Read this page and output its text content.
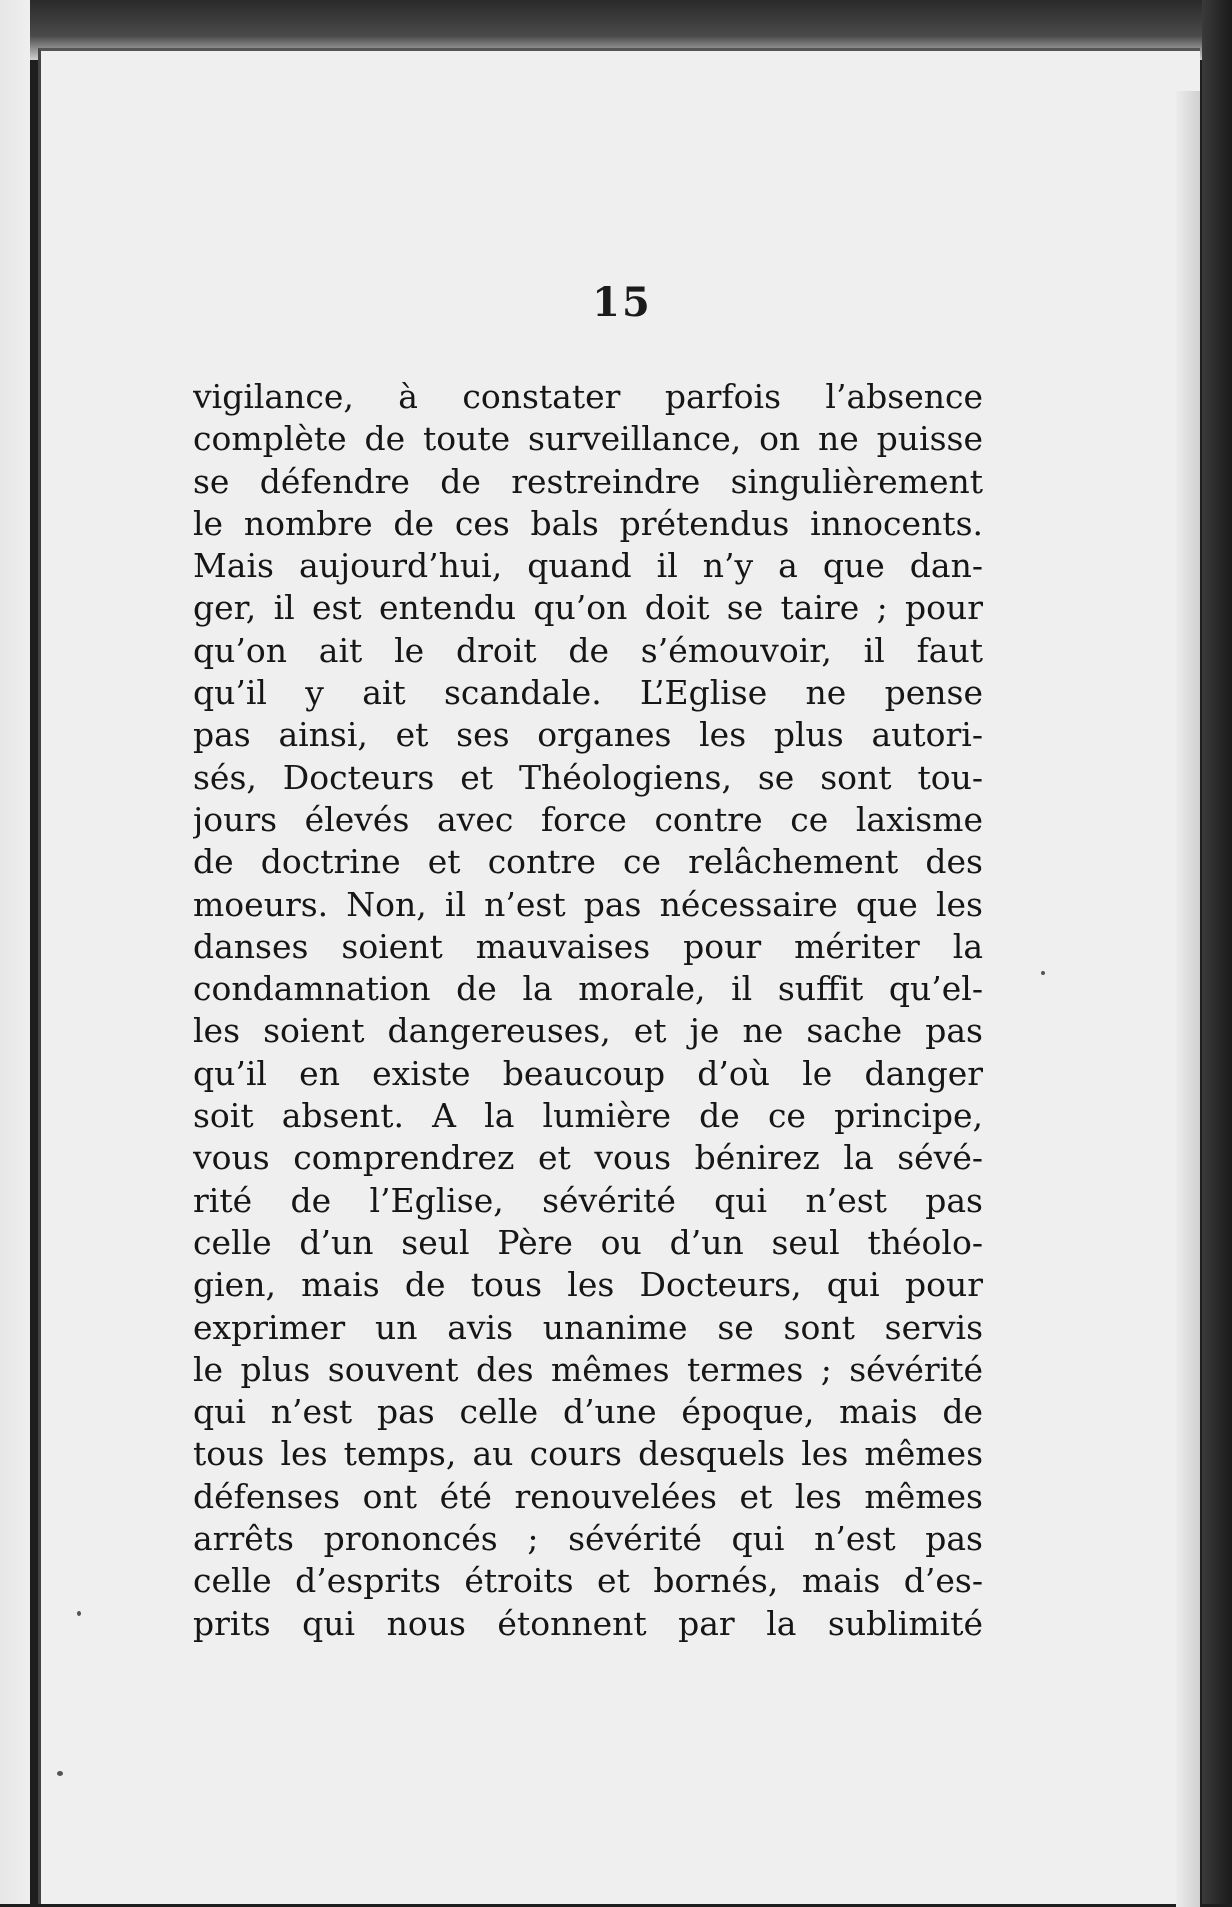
15
vigilance, à constater parfois l’absence
complète de toute surveillance, on ne puisse
se défendre de restreindre singulièrement
le nombre de ces bals prétendus innocents.
Mais aujourd’hui, quand il n’y a que dan-
ger, il est entendu qu’on doit se taire ; pour
qu’on ait le droit de s’émouvoir, il faut
qu’il y ait scandale. L’Eglise ne pense
pas ainsi, et ses organes les plus autori-
sés, Docteurs et Théologiens, se sont tou-
jours élevés avec force contre ce laxisme
de doctrine et contre ce relâchement des
moeurs. Non, il n’est pas nécessaire que les
danses soient mauvaises pour mériter la
condamnation de la morale, il suffit qu’el-
les soient dangereuses, et je ne sache pas
qu’il en existe beaucoup d’où le danger
soit absent. A la lumière de ce principe,
vous comprendrez et vous bénirez la sévé-
rité de l’Eglise, sévérité qui n’est pas
celle d’un seul Père ou d’un seul théolo-
gien, mais de tous les Docteurs, qui pour
exprimer un avis unanime se sont servis
le plus souvent des mêmes termes ; sévérité
qui n’est pas celle d’une époque, mais de
tous les temps, au cours desquels les mêmes
défenses ont été renouvelées et les mêmes
arrêts prononcés ; sévérité qui n’est pas
celle d’esprits étroits et bornés, mais d’es-
prits qui nous étonnent par la sublimité
